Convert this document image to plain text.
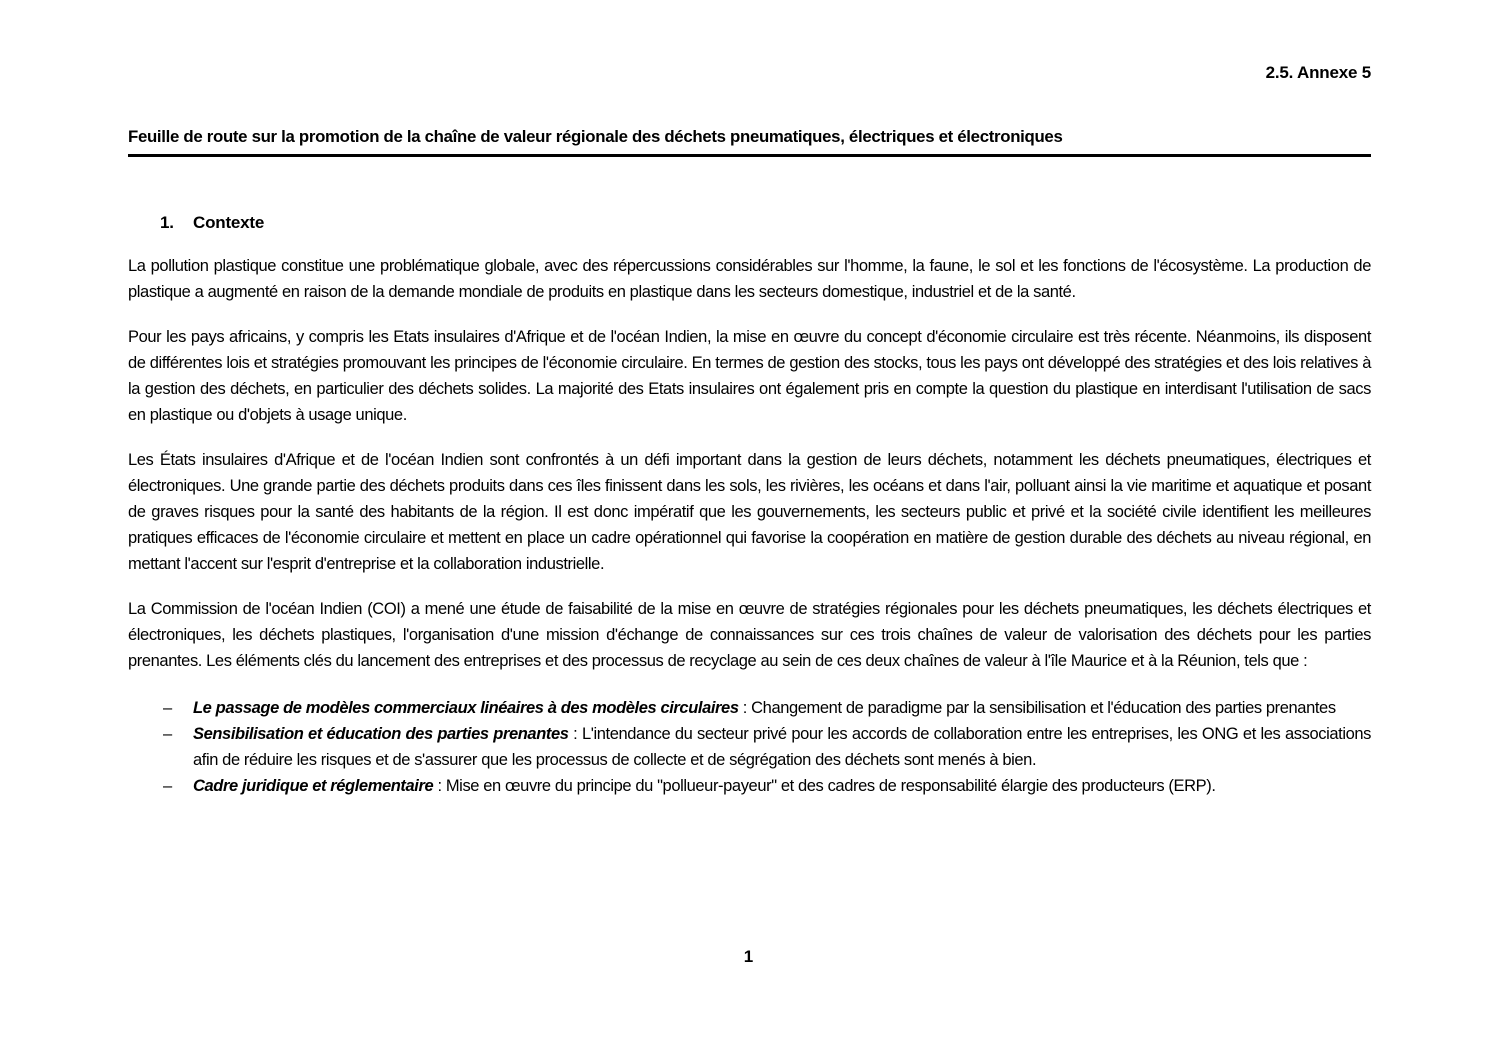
2.5. Annexe 5
Feuille de route sur la promotion de la chaîne de valeur régionale des déchets pneumatiques, électriques et électroniques
1. Contexte

La pollution plastique constitue une problématique globale, avec des répercussions considérables sur l'homme, la faune, le sol et les fonctions de l'écosystème. La production de plastique a augmenté en raison de la demande mondiale de produits en plastique dans les secteurs domestique, industriel et de la santé.

Pour les pays africains, y compris les Etats insulaires d'Afrique et de l'océan Indien, la mise en œuvre du concept d'économie circulaire est très récente. Néanmoins, ils disposent de différentes lois et stratégies promouvant les principes de l'économie circulaire. En termes de gestion des stocks, tous les pays ont développé des stratégies et des lois relatives à la gestion des déchets, en particulier des déchets solides. La majorité des Etats insulaires ont également pris en compte la question du plastique en interdisant l'utilisation de sacs en plastique ou d'objets à usage unique.

Les États insulaires d'Afrique et de l'océan Indien sont confrontés à un défi important dans la gestion de leurs déchets, notamment les déchets pneumatiques, électriques et électroniques. Une grande partie des déchets produits dans ces îles finissent dans les sols, les rivières, les océans et dans l'air, polluant ainsi la vie maritime et aquatique et posant de graves risques pour la santé des habitants de la région. Il est donc impératif que les gouvernements, les secteurs public et privé et la société civile identifient les meilleures pratiques efficaces de l'économie circulaire et mettent en place un cadre opérationnel qui favorise la coopération en matière de gestion durable des déchets au niveau régional, en mettant l'accent sur l'esprit d'entreprise et la collaboration industrielle.

La Commission de l'océan Indien (COI) a mené une étude de faisabilité de la mise en œuvre de stratégies régionales pour les déchets pneumatiques, les déchets électriques et électroniques, les déchets plastiques, l'organisation d'une mission d'échange de connaissances sur ces trois chaînes de valeur de valorisation des déchets pour les parties prenantes. Les éléments clés du lancement des entreprises et des processus de recyclage au sein de ces deux chaînes de valeur à l'île Maurice et à la Réunion, tels que :

–	Le passage de modèles commerciaux linéaires à des modèles circulaires : Changement de paradigme par la sensibilisation et l'éducation des parties prenantes
–	Sensibilisation et éducation des parties prenantes : L'intendance du secteur privé pour les accords de collaboration entre les entreprises, les ONG et les associations afin de réduire les risques et de s'assurer que les processus de collecte et de ségrégation des déchets sont menés à bien.
–	Cadre juridique et réglementaire : Mise en œuvre du principe du "pollueur-payeur" et des cadres de responsabilité élargie des producteurs (ERP).
1
